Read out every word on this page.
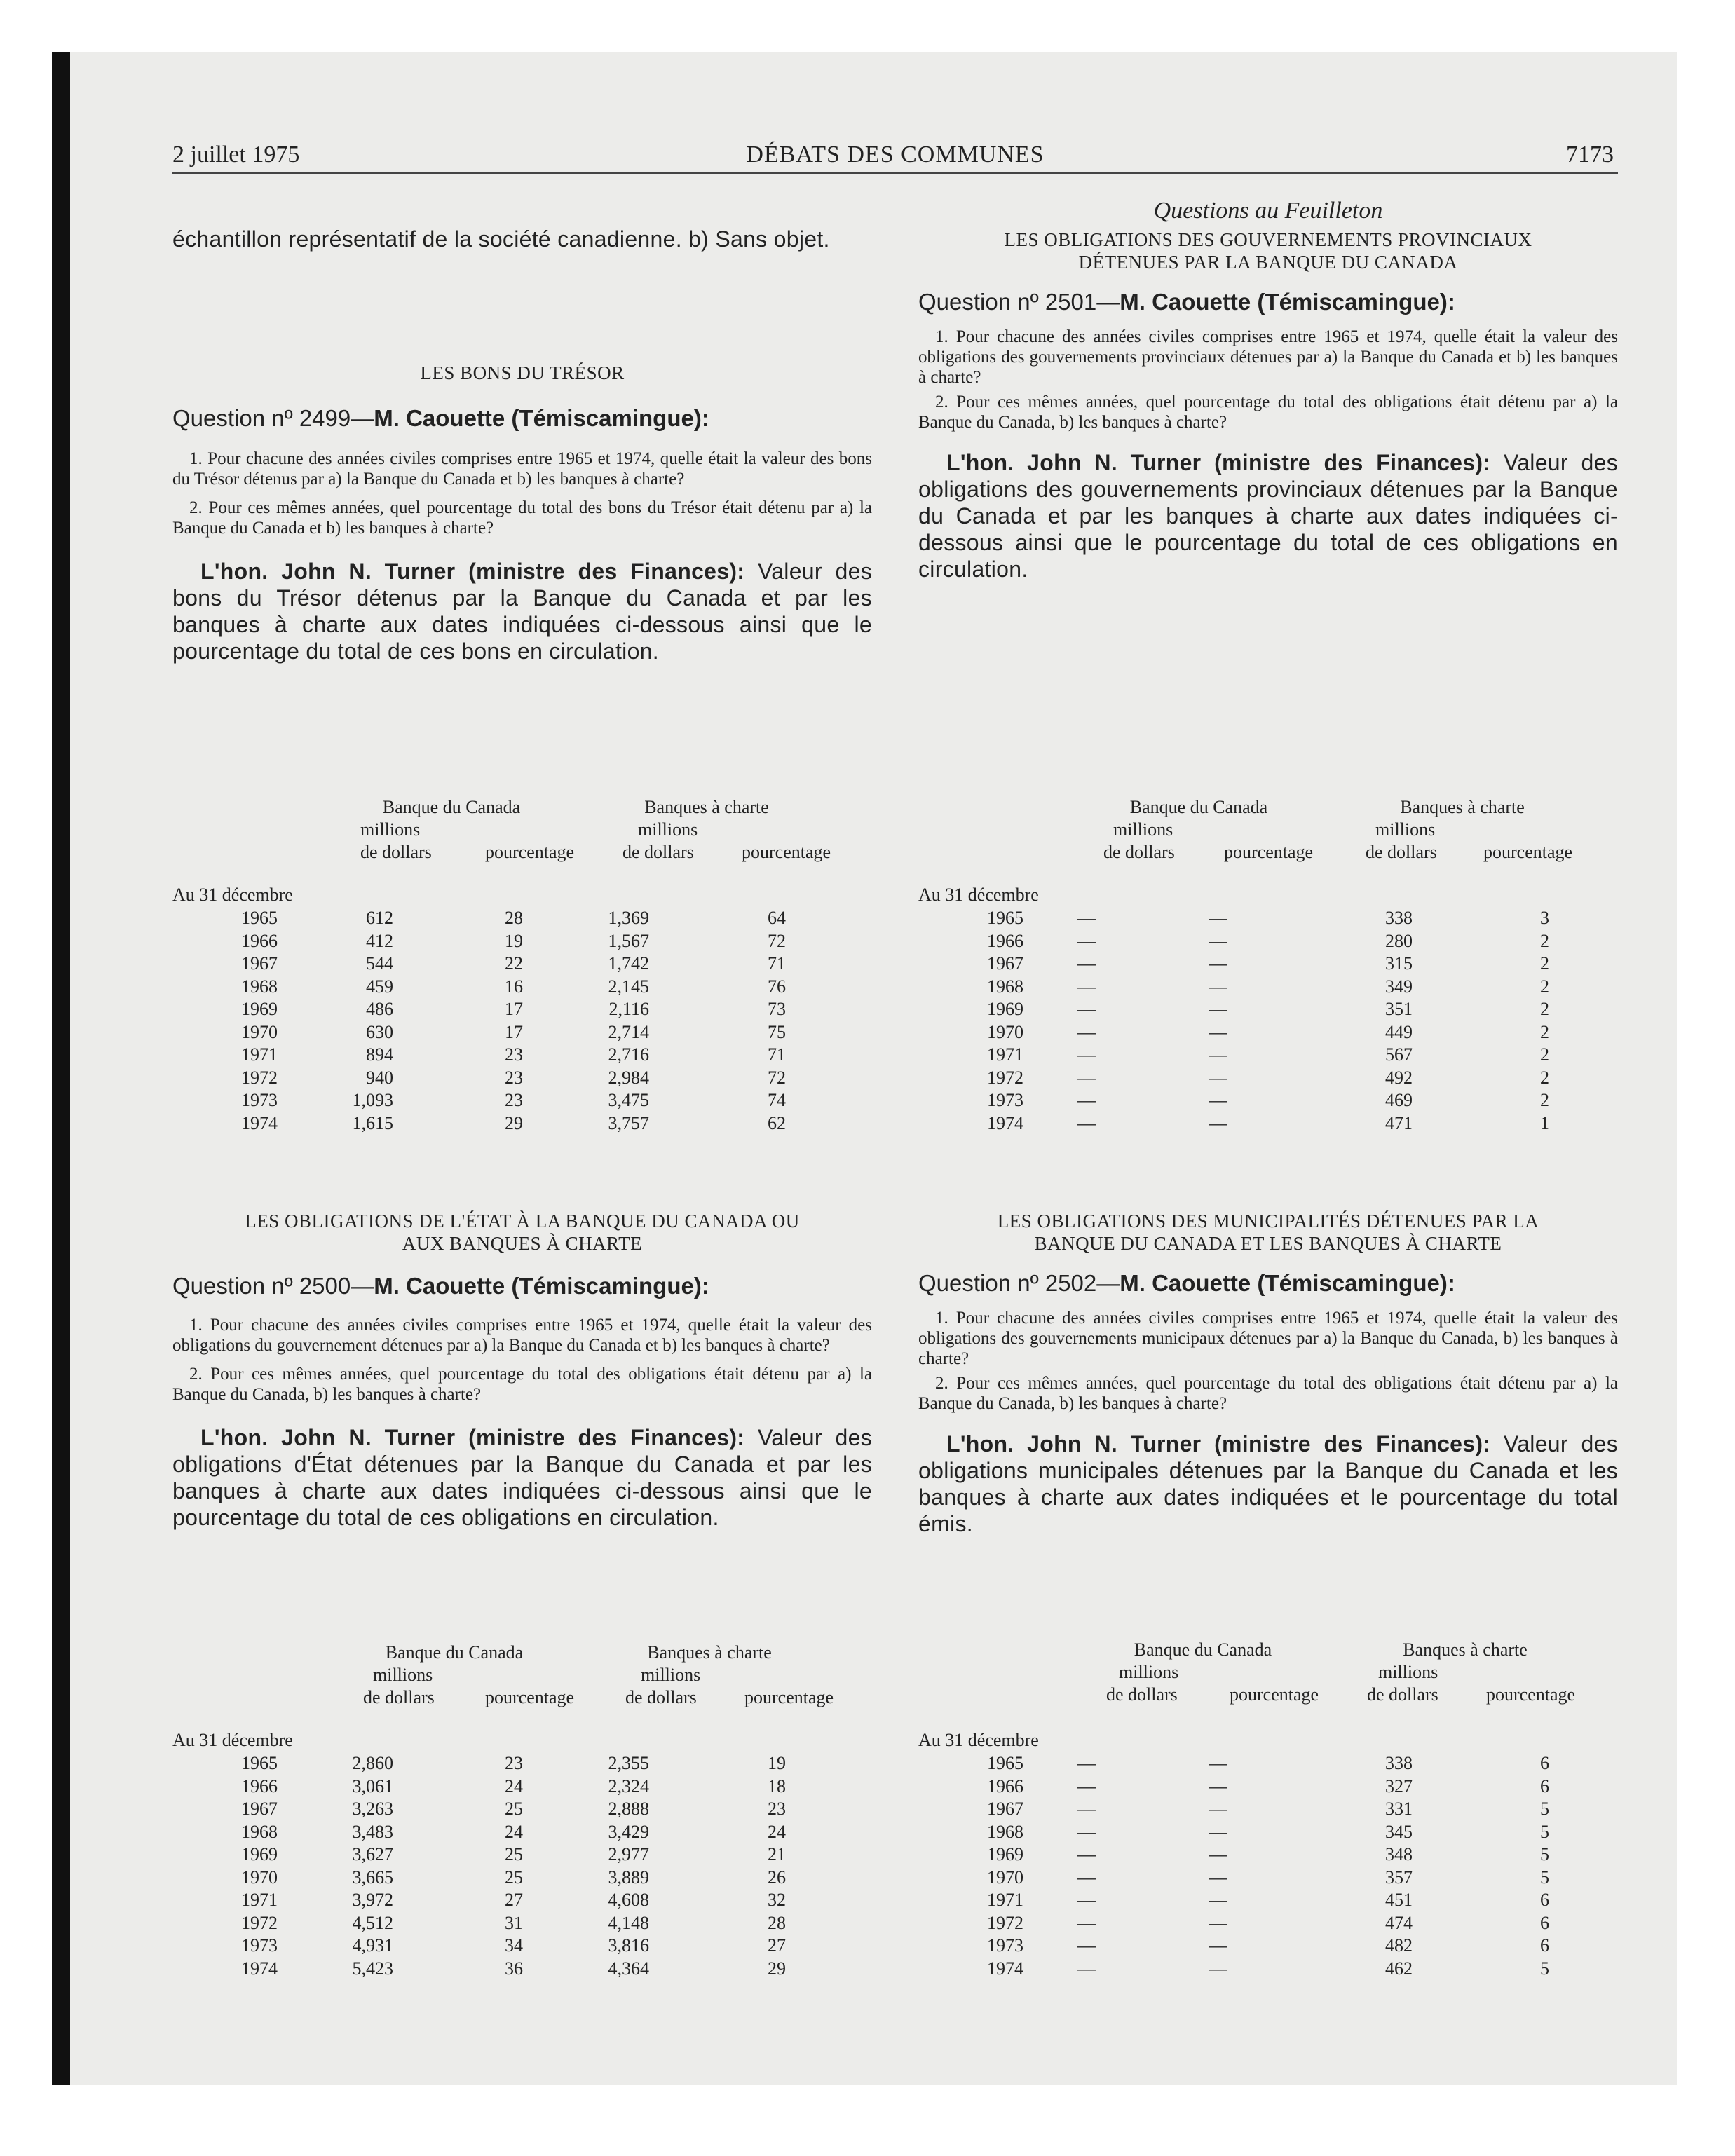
2 juillet 1975	DÉBATS DES COMMUNES	7173

échantillon représentatif de la société canadienne. b) Sans objet.

LES BONS DU TRÉSOR
Question nº 2499—M. Caouette (Témiscamingue):

1. Pour chacune des années civiles comprises entre 1965 et 1974, quelle était la valeur des bons du Trésor détenus par a) la Banque du Canada et b) les banques à charte?

2. Pour ces mêmes années, quel pourcentage du total des bons du Trésor était détenu par a) la Banque du Canada et b) les banques à charte?

L'hon. John N. Turner (ministre des Finances): Valeur des bons du Trésor détenus par la Banque du Canada et par les banques à charte aux dates indiquées ci-dessous ainsi que le pourcentage du total de ces bons en circulation.

Banque du Canada	Banques à charte
millions	millions
de dollars	pourcentage	de dollars	pourcentage
Au 31 décembre
1965	612	28	1,369	64
1966	412	19	1,567	72
1967	544	22	1,742	71
1968	459	16	2,145	76
1969	486	17	2,116	73
1970	630	17	2,714	75
1971	894	23	2,716	71
1972	940	23	2,984	72
1973	1,093	23	3,475	74
1974	1,615	29	3,757	62
LES OBLIGATIONS DE L'ÉTAT À LA BANQUE DU CANADA OU
AUX BANQUES À CHARTE
Question nº 2500—M. Caouette (Témiscamingue):

1. Pour chacune des années civiles comprises entre 1965 et 1974, quelle était la valeur des obligations du gouvernement détenues par a) la Banque du Canada et b) les banques à charte?

2. Pour ces mêmes années, quel pourcentage du total des obligations était détenu par a) la Banque du Canada, b) les banques à charte?

L'hon. John N. Turner (ministre des Finances): Valeur des obligations d'État détenues par la Banque du Canada et par les banques à charte aux dates indiquées ci-dessous ainsi que le pourcentage du total de ces obligations en circulation.

Banque du Canada	Banques à charte
millions	millions
de dollars	pourcentage	de dollars	pourcentage
Au 31 décembre
1965	2,860	23	2,355	19
1966	3,061	24	2,324	18
1967	3,263	25	2,888	23
1968	3,483	24	3,429	24
1969	3,627	25	2,977	21
1970	3,665	25	3,889	26
1971	3,972	27	4,608	32
1972	4,512	31	4,148	28
1973	4,931	34	3,816	27
1974	5,423	36	4,364	29
Questions au Feuilleton
LES OBLIGATIONS DES GOUVERNEMENTS PROVINCIAUX
DÉTENUES PAR LA BANQUE DU CANADA
Question nº 2501—M. Caouette (Témiscamingue):

1. Pour chacune des années civiles comprises entre 1965 et 1974, quelle était la valeur des obligations des gouvernements provinciaux détenues par a) la Banque du Canada et b) les banques à charte?

2. Pour ces mêmes années, quel pourcentage du total des obligations était détenu par a) la Banque du Canada, b) les banques à charte?

L'hon. John N. Turner (ministre des Finances): Valeur des obligations des gouvernements provinciaux détenues par la Banque du Canada et par les banques à charte aux dates indiquées ci-dessous ainsi que le pourcentage du total de ces obligations en circulation.

Banque du Canada	Banques à charte
millions	millions
de dollars	pourcentage	de dollars	pourcentage
Au 31 décembre
1965	—	—	338	3
1966	—	—	280	2
1967	—	—	315	2
1968	—	—	349	2
1969	—	—	351	2
1970	—	—	449	2
1971	—	—	567	2
1972	—	—	492	2
1973	—	—	469	2
1974	—	—	471	1
LES OBLIGATIONS DES MUNICIPALITÉS DÉTENUES PAR LA
BANQUE DU CANADA ET LES BANQUES À CHARTE
Question nº 2502—M. Caouette (Témiscamingue):

1. Pour chacune des années civiles comprises entre 1965 et 1974, quelle était la valeur des obligations des gouvernements municipaux détenues par a) la Banque du Canada, b) les banques à charte?

2. Pour ces mêmes années, quel pourcentage du total des obligations était détenu par a) la Banque du Canada, b) les banques à charte?

L'hon. John N. Turner (ministre des Finances): Valeur des obligations municipales détenues par la Banque du Canada et les banques à charte aux dates indiquées et le pourcentage du total émis.

Banque du Canada	Banques à charte
millions	millions
de dollars	pourcentage	de dollars	pourcentage
Au 31 décembre
1965	—	—	338	6
1966	—	—	327	6
1967	—	—	331	5
1968	—	—	345	5
1969	—	—	348	5
1970	—	—	357	5
1971	—	—	451	6
1972	—	—	474	6
1973	—	—	482	6
1974	—	—	462	5
